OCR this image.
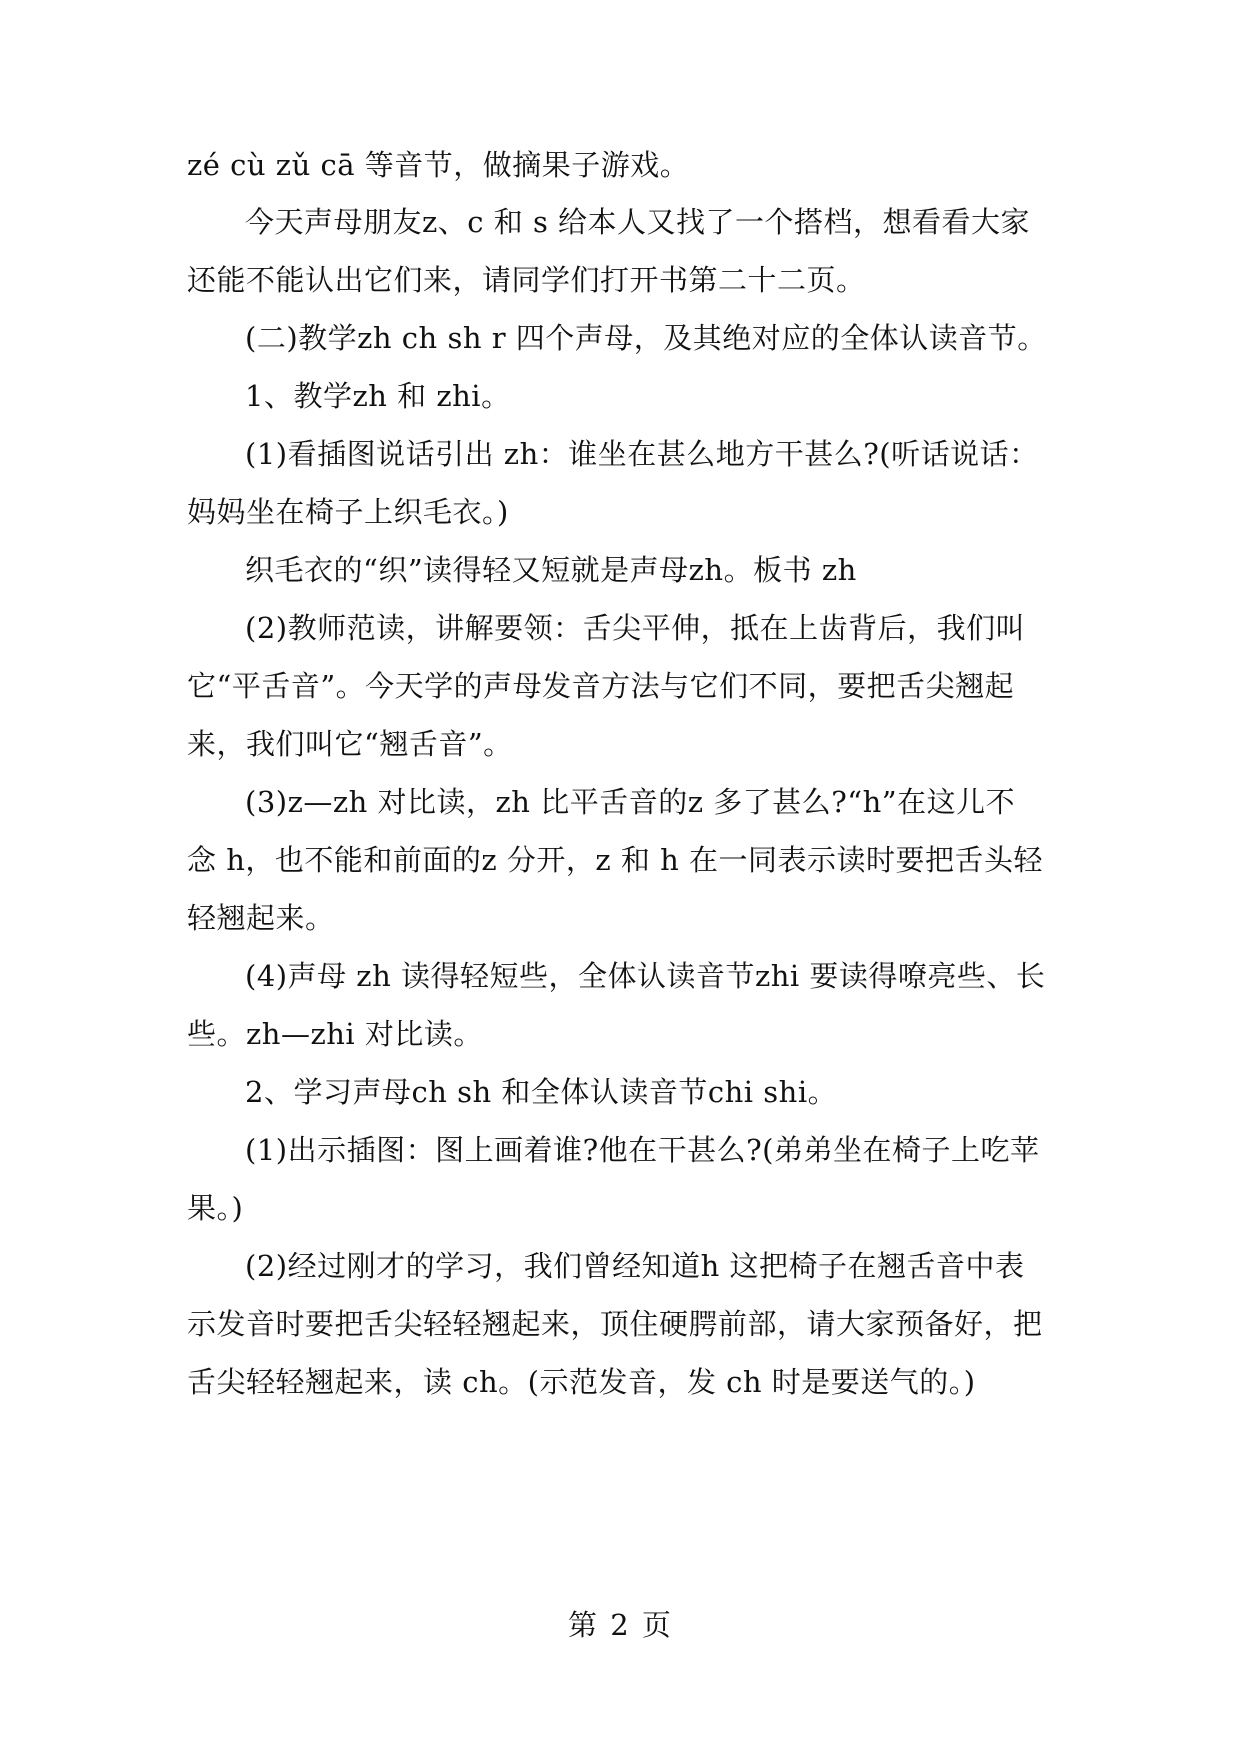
zé cù zǔ cā 等音节，做摘果子游戏。
今天声母朋友z、c 和 s 给本人又找了一个搭档，想看看大家
还能不能认出它们来，请同学们打开书第二十二页。
(二)教学zh ch sh r 四个声母，及其绝对应的全体认读音节。
1、教学zh 和 zhi。
(1)看插图说话引出 zh：谁坐在甚么地方干甚么?(听话说话：
妈妈坐在椅子上织毛衣。)
织毛衣的“织”读得轻又短就是声母zh。板书 zh
(2)教师范读，讲解要领：舌尖平伸，抵在上齿背后，我们叫
它“平舌音”。今天学的声母发音方法与它们不同，要把舌尖翘起
来，我们叫它“翘舌音”。
(3)z—zh 对比读，zh 比平舌音的z 多了甚么?“h”在这儿不
念 h，也不能和前面的z 分开，z 和 h 在一同表示读时要把舌头轻
轻翘起来。
(4)声母 zh 读得轻短些，全体认读音节zhi 要读得嘹亮些、长
些。zh—zhi 对比读。
2、学习声母ch sh 和全体认读音节chi shi。
(1)出示插图：图上画着谁?他在干甚么?(弟弟坐在椅子上吃苹
果。)
(2)经过刚才的学习，我们曾经知道h 这把椅子在翘舌音中表
示发音时要把舌尖轻轻翘起来，顶住硬腭前部，请大家预备好，把
舌尖轻轻翘起来，读 ch。(示范发音，发 ch 时是要送气的。)
第 2 页
